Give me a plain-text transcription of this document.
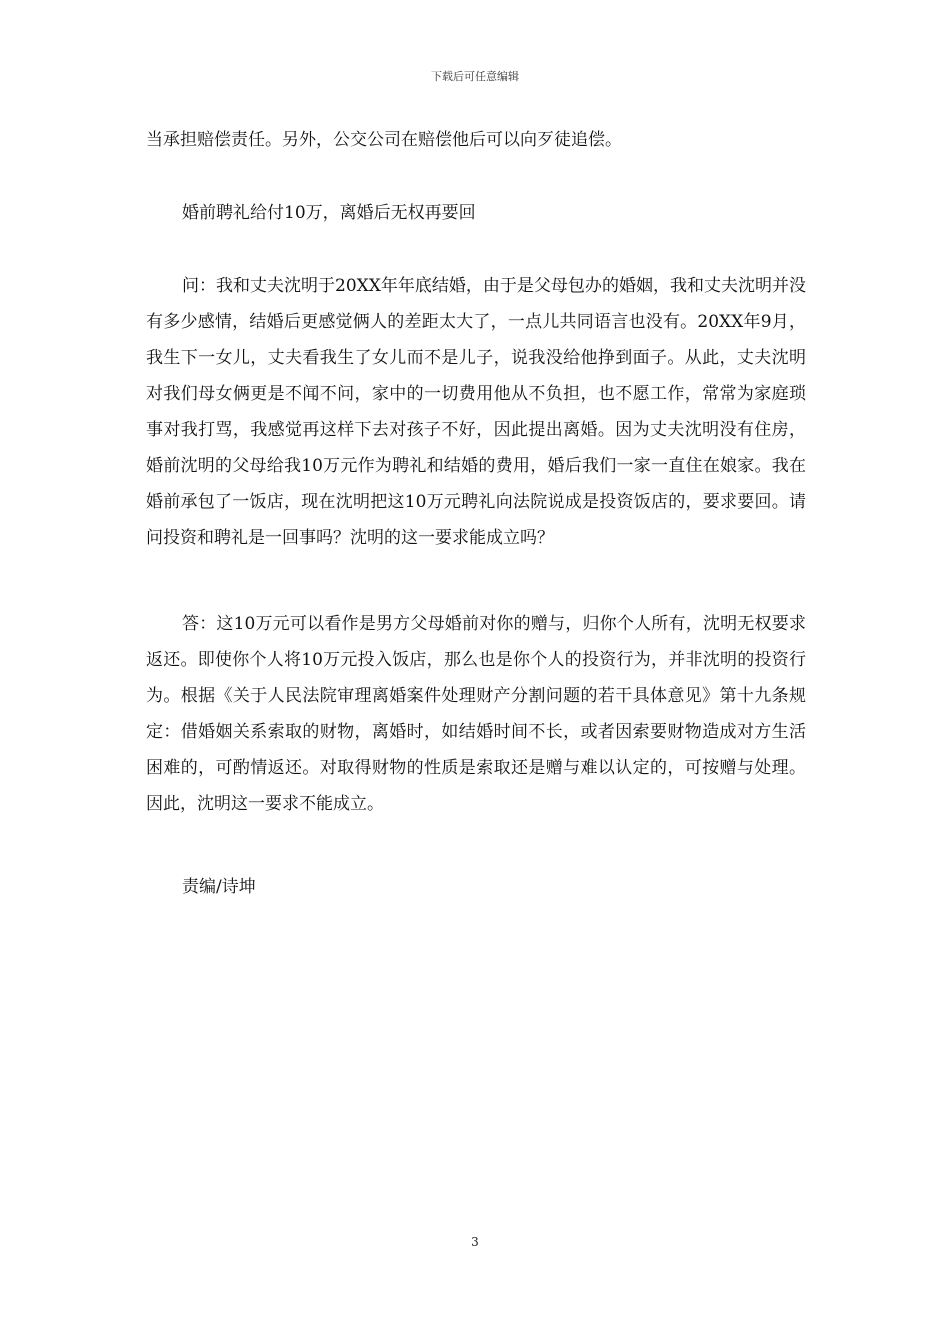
下载后可任意编辑

当承担赔偿责任。另外，公交公司在赔偿他后可以向歹徒追偿。

婚前聘礼给付10万，离婚后无权再要回

问：我和丈夫沈明于20XX年年底结婚，由于是父母包办的婚姻，我和丈夫沈明并没有多少感情，结婚后更感觉俩人的差距太大了，一点儿共同语言也没有。20XX年9月，我生下一女儿，丈夫看我生了女儿而不是儿子，说我没给他挣到面子。从此，丈夫沈明对我们母女俩更是不闻不问，家中的一切费用他从不负担，也不愿工作，常常为家庭琐事对我打骂，我感觉再这样下去对孩子不好，因此提出离婚。因为丈夫沈明没有住房，婚前沈明的父母给我10万元作为聘礼和结婚的费用，婚后我们一家一直住在娘家。我在婚前承包了一饭店，现在沈明把这10万元聘礼向法院说成是投资饭店的，要求要回。请问投资和聘礼是一回事吗？沈明的这一要求能成立吗？

答：这10万元可以看作是男方父母婚前对你的赠与，归你个人所有，沈明无权要求返还。即使你个人将10万元投入饭店，那么也是你个人的投资行为，并非沈明的投资行为。根据《关于人民法院审理离婚案件处理财产分割问题的若干具体意见》第十九条规定：借婚姻关系索取的财物，离婚时，如结婚时间不长，或者因索要财物造成对方生活困难的，可酌情返还。对取得财物的性质是索取还是赠与难以认定的，可按赠与处理。因此，沈明这一要求不能成立。

责编/诗坤

3
